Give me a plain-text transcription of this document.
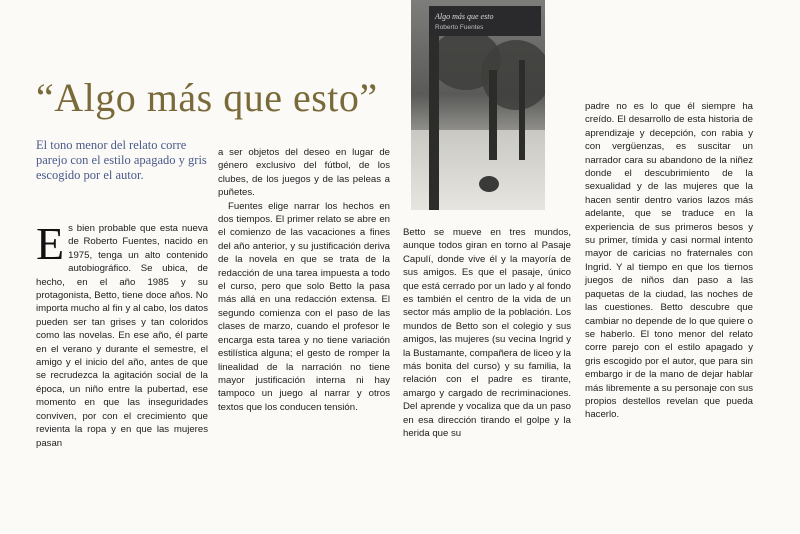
“Algo más que esto”
El tono menor del relato corre parejo con el estilo apagado y gris escogido por el autor.
Algo más que esto
Roberto Fuentes

Es bien probable que esta nueva de Roberto Fuentes, nacido en 1975, tenga un alto contenido autobiográfico. Se ubica, de hecho, en el año 1985 y su protagonista, Betto, tiene doce años. No importa mucho al fin y al cabo, los datos pueden ser tan grises y tan coloridos como las novelas. En ese año, él parte en el verano y durante el semestre, el amigo y el inicio del año, antes de que se recrudezca la agitación social de la época, un niño entre la pubertad, ese momento en que las inseguridades conviven, por con el crecimiento que revienta la ropa y en que las mujeres pasan

a ser objetos del deseo en lugar de género exclusivo del fútbol, de los clubes, de los juegos y de las peleas a puñetes.

Fuentes elige narrar los hechos en dos tiempos. El primer relato se abre en el comienzo de las vacaciones a fines del año anterior, y su justificación deriva de la novela en que se trata de la redacción de una tarea impuesta a todo el curso, pero que solo Betto la pasa más allá en una redacción extensa. El segundo comienza con el paso de las clases de marzo, cuando el profesor le encarga esta tarea y no tiene variación estilística alguna; el gesto de romper la linealidad de la narración no tiene mayor justificación interna ni hay tampoco un juego al narrar y otros textos que los conducen tensión.

Betto se mueve en tres mundos, aunque todos giran en torno al Pasaje Capulí, donde vive él y la mayoría de sus amigos. Es que el pasaje, único que está cerrado por un lado y al fondo es también el centro de la vida de un sector más amplio de la población. Los mundos de Betto son el colegio y sus amigos, las mujeres (su vecina Ingrid y la Bustamante, compañera de liceo y la más bonita del curso) y su familia, la relación con el padre es tirante, amargo y cargado de recriminaciones. Del aprende y vocaliza que da un paso en esa dirección tirando el golpe y la herida que su

padre no es lo que él siempre ha creído. El desarrollo de esta historia de aprendizaje y decepción, con rabia y con vergüenzas, es suscitar un narrador cara su abandono de la niñez donde el descubrimiento de la sexualidad y de las mujeres que la hacen sentir dentro varios lazos más adelante, que se traduce en la experiencia de sus primeros besos y su primer, tímida y casi normal intento mayor de caricias no fraternales con Ingrid. Y al tiempo en que los tiernos juegos de niños dan paso a las paquetas de la ciudad, las noches de las cuestiones. Betto descubre que cambiar no depende de lo que quiere o se haberlo. El tono menor del relato corre parejo con el estilo apagado y gris escogido por el autor, que para sin embargo ir de la mano de dejar hablar más libremente a su personaje con sus propios destellos revelan que pueda hacerlo.
